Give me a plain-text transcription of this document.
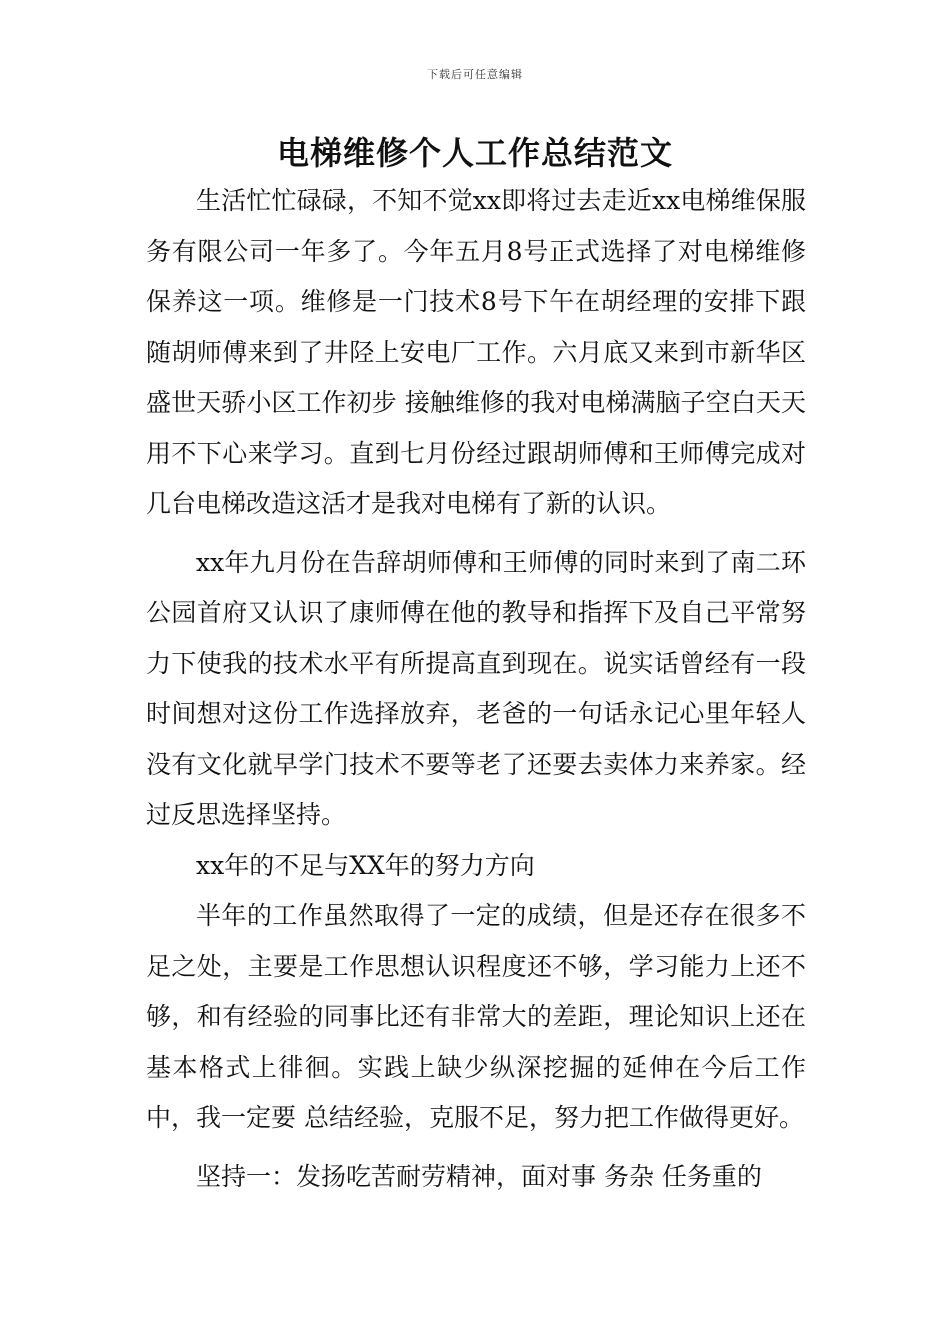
下载后可任意编辑
电梯维修个人工作总结范文

生活忙忙碌碌，不知不觉xx即将过去走近xx电梯维保服务有限公司一年多了。今年五月8号正式选择了对电梯维修保养这一项。维修是一门技术8号下午在胡经理的安排下跟随胡师傅来到了井陉上安电厂工作。六月底又来到市新华区盛世天骄小区工作初步 接触维修的我对电梯满脑子空白天天用不下心来学习。直到七月份经过跟胡师傅和王师傅完成对几台电梯改造这活才是我对电梯有了新的认识。

xx年九月份在告辞胡师傅和王师傅的同时来到了南二环公园首府又认识了康师傅在他的教导和指挥下及自己平常努力下使我的技术水平有所提高直到现在。说实话曾经有一段时间想对这份工作选择放弃，老爸的一句话永记心里年轻人没有文化就早学门技术不要等老了还要去卖体力来养家。经过反思选择坚持。

xx年的不足与XX年的努力方向

半年的工作虽然取得了一定的成绩，但是还存在很多不足之处，主要是工作思想认识程度还不够，学习能力上还不够，和有经验的同事比还有非常大的差距，理论知识上还在基本格式上徘徊。实践上缺少纵深挖掘的延伸在今后工作中，我一定要 总结经验，克服不足，努力把工作做得更好。

坚持一：发扬吃苦耐劳精神，面对事 务杂 任务重的
